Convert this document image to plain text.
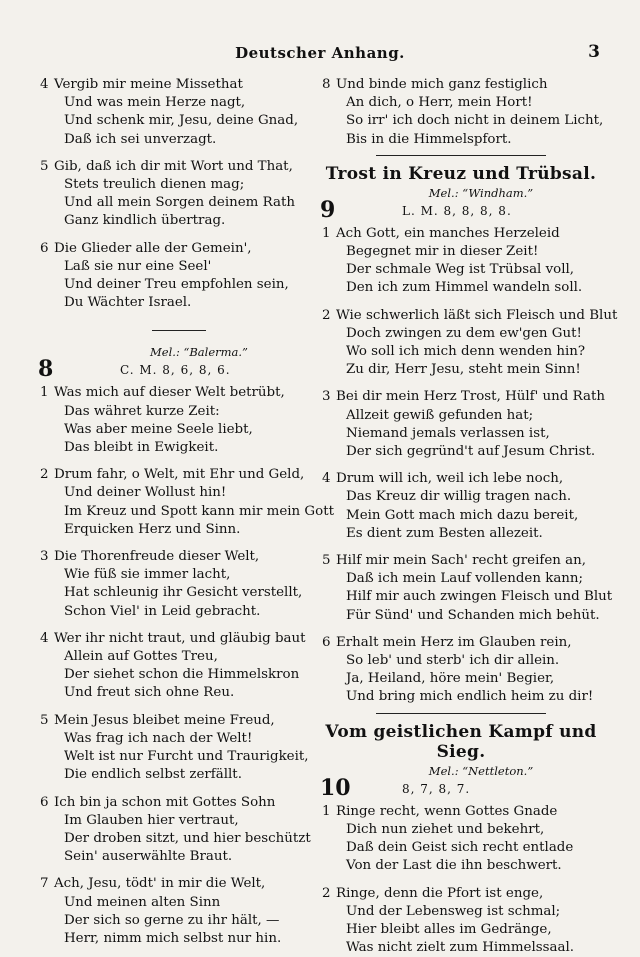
Deutscher Anhang.	3
4 Vergib mir meine Missethat
Und was mein Herze nagt,
Und schenk mir, Jesu, deine Gnad,
Daß ich sei unverzagt.
5 Gib, daß ich dir mit Wort und That,
Stets treulich dienen mag;
Und all mein Sorgen deinem Rath
Ganz kindlich übertrag.
6 Die Glieder alle der Gemein',
Laß sie nur eine Seel'
Und deiner Treu empfohlen sein,
Du Wächter Israel.
Mel.: “Balerma.”
8	C. M. 8, 6, 8, 6.
1 Was mich auf dieser Welt betrübt,
Das währet kurze Zeit:
Was aber meine Seele liebt,
Das bleibt in Ewigkeit.
2 Drum fahr, o Welt, mit Ehr und Geld,
Und deiner Wollust hin!
Im Kreuz und Spott kann mir mein Gott
Erquicken Herz und Sinn.
3 Die Thorenfreude dieser Welt,
Wie füß sie immer lacht,
Hat schleunig ihr Gesicht verstellt,
Schon Viel' in Leid gebracht.
4 Wer ihr nicht traut, und gläubig baut
Allein auf Gottes Treu,
Der siehet schon die Himmelskron
Und freut sich ohne Reu.
5 Mein Jesus bleibet meine Freud,
Was frag ich nach der Welt!
Welt ist nur Furcht und Traurigkeit,
Die endlich selbst zerfällt.
6 Ich bin ja schon mit Gottes Sohn
Im Glauben hier vertraut,
Der droben sitzt, und hier beschützt
Sein' auserwählte Braut.
7 Ach, Jesu, tödt' in mir die Welt,
Und meinen alten Sinn
Der sich so gerne zu ihr hält, —
Herr, nimm mich selbst nur hin.
8 Und binde mich ganz festiglich
An dich, o Herr, mein Hort!
So irr' ich doch nicht in deinem Licht,
Bis in die Himmelspfort.
Trost in Kreuz und Trübsal.
Mel.: “Windham.”
9	L. M. 8, 8, 8, 8.
1 Ach Gott, ein manches Herzeleid
Begegnet mir in dieser Zeit!
Der schmale Weg ist Trübsal voll,
Den ich zum Himmel wandeln soll.
2 Wie schwerlich läßt sich Fleisch und Blut
Doch zwingen zu dem ew'gen Gut!
Wo soll ich mich denn wenden hin?
Zu dir, Herr Jesu, steht mein Sinn!
3 Bei dir mein Herz Trost, Hülf' und Rath
Allzeit gewiß gefunden hat;
Niemand jemals verlassen ist,
Der sich gegründ't auf Jesum Christ.
4 Drum will ich, weil ich lebe noch,
Das Kreuz dir willig tragen nach.
Mein Gott mach mich dazu bereit,
Es dient zum Besten allezeit.
5 Hilf mir mein Sach' recht greifen an,
Daß ich mein Lauf vollenden kann;
Hilf mir auch zwingen Fleisch und Blut
Für Sünd' und Schanden mich behüt.
6 Erhalt mein Herz im Glauben rein,
So leb' und sterb' ich dir allein.
Ja, Heiland, höre mein' Begier,
Und bring mich endlich heim zu dir!
Vom geistlichen Kampf und Sieg.
Mel.: “Nettleton.”
10	8, 7, 8, 7.
1 Ringe recht, wenn Gottes Gnade
Dich nun ziehet und bekehrt,
Daß dein Geist sich recht entlade
Von der Last die ihn beschwert.
2 Ringe, denn die Pfort ist enge,
Und der Lebensweg ist schmal;
Hier bleibt alles im Gedränge,
Was nicht zielt zum Himmelssaal.
